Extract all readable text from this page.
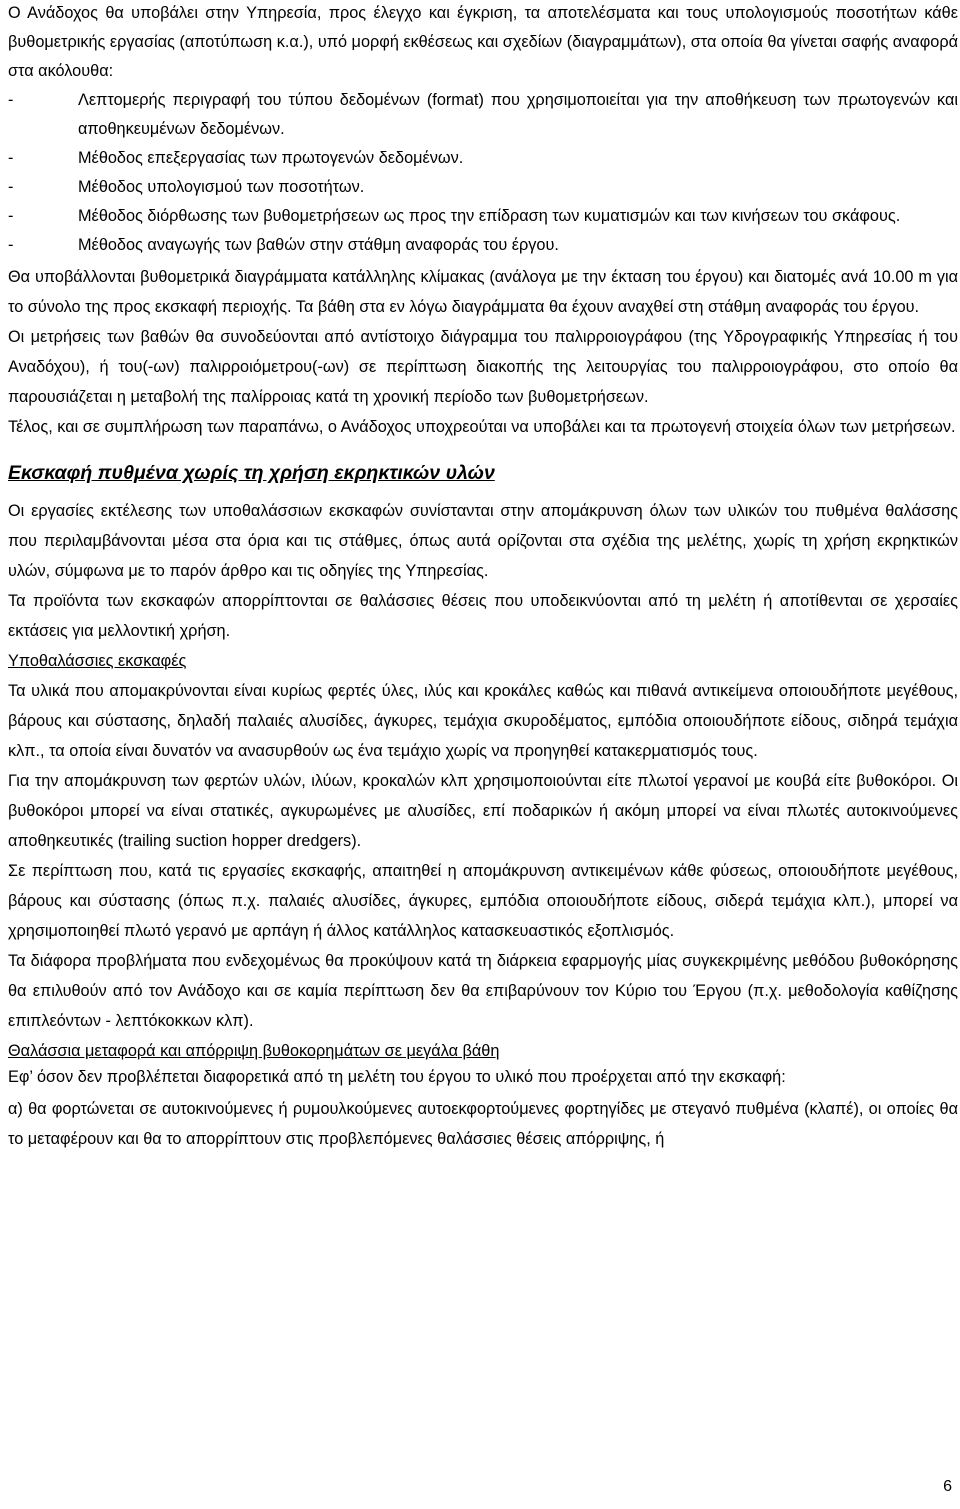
Ο Ανάδοχος θα υποβάλει στην Υπηρεσία, προς έλεγχο και έγκριση, τα αποτελέσματα και τους υπολογισμούς ποσοτήτων κάθε βυθομετρικής εργασίας (αποτύπωση κ.α.), υπό μορφή εκθέσεως και σχεδίων (διαγραμμάτων), στα οποία θα γίνεται σαφής αναφορά στα ακόλουθα:

-	Λεπτομερής περιγραφή του τύπου δεδομένων (format) που χρησιμοποιείται για την αποθήκευση των πρωτογενών και αποθηκευμένων δεδομένων.
-	Μέθοδος επεξεργασίας των πρωτογενών δεδομένων.
-	Μέθοδος υπολογισμού των ποσοτήτων.
-	Μέθοδος διόρθωσης των βυθομετρήσεων ως προς την επίδραση των κυματισμών και των κινήσεων του σκάφους.
-	Μέθοδος αναγωγής των βαθών στην στάθμη αναφοράς του έργου.

Θα υποβάλλονται βυθομετρικά διαγράμματα κατάλληλης κλίμακας (ανάλογα με την έκταση του έργου) και διατομές ανά 10.00 m για το σύνολο της προς εκσκαφή περιοχής. Τα βάθη στα εν λόγω διαγράμματα θα έχουν αναχθεί στη στάθμη αναφοράς του έργου.

Οι μετρήσεις των βαθών θα συνοδεύονται από αντίστοιχο διάγραμμα του παλιρροιογράφου (της Υδρογραφικής Υπηρεσίας ή του Αναδόχου), ή του(-ων) παλιρροιόμετρου(-ων) σε περίπτωση διακοπής της λειτουργίας του παλιρροιογράφου, στο οποίο θα παρουσιάζεται η μεταβολή της παλίρροιας κατά τη χρονική περίοδο των βυθομετρήσεων.

Τέλος, και σε συμπλήρωση των παραπάνω, ο Ανάδοχος υποχρεούται να υποβάλει και τα πρωτογενή στοιχεία όλων των μετρήσεων.

Εκσκαφή πυθμένα χωρίς τη χρήση εκρηκτικών υλών

Οι εργασίες εκτέλεσης των υποθαλάσσιων εκσκαφών συνίστανται στην απομάκρυνση όλων των υλικών του πυθμένα θαλάσσης που περιλαμβάνονται μέσα στα όρια και τις στάθμες, όπως αυτά ορίζονται στα σχέδια της μελέτης, χωρίς τη χρήση εκρηκτικών υλών, σύμφωνα με το παρόν άρθρο και τις οδηγίες της Υπηρεσίας.

Τα προϊόντα των εκσκαφών απορρίπτονται σε θαλάσσιες θέσεις που υποδεικνύονται από τη μελέτη ή αποτίθενται σε χερσαίες εκτάσεις για μελλοντική χρήση.

Υποθαλάσσιες εκσκαφές

Τα υλικά που απομακρύνονται είναι κυρίως φερτές ύλες, ιλύς και κροκάλες καθώς και πιθανά αντικείμενα οποιουδήποτε μεγέθους, βάρους και σύστασης, δηλαδή παλαιές αλυσίδες, άγκυρες, τεμάχια σκυροδέματος, εμπόδια οποιουδήποτε είδους, σιδηρά τεμάχια κλπ., τα οποία είναι δυνατόν να ανασυρθούν ως ένα τεμάχιο χωρίς να προηγηθεί κατακερματισμός τους.

Για την απομάκρυνση των φερτών υλών, ιλύων, κροκαλών κλπ χρησιμοποιούνται είτε πλωτοί γερανοί με κουβά είτε βυθοκόροι. Οι βυθοκόροι μπορεί να είναι στατικές, αγκυρωμένες με αλυσίδες, επί ποδαρικών ή ακόμη μπορεί να είναι πλωτές αυτοκινούμενες αποθηκευτικές (trailing suction hopper dredgers).

Σε περίπτωση που, κατά τις εργασίες εκσκαφής, απαιτηθεί η απομάκρυνση αντικειμένων κάθε φύσεως, οποιουδήποτε μεγέθους, βάρους και σύστασης (όπως π.χ. παλαιές αλυσίδες, άγκυρες, εμπόδια οποιουδήποτε είδους, σιδερά τεμάχια κλπ.), μπορεί να χρησιμοποιηθεί πλωτό γερανό με αρπάγη ή άλλος κατάλληλος κατασκευαστικός εξοπλισμός.

Τα διάφορα προβλήματα που ενδεχομένως θα προκύψουν κατά τη διάρκεια εφαρμογής μίας συγκεκριμένης μεθόδου βυθοκόρησης θα επιλυθούν από τον Ανάδοχο και σε καμία περίπτωση δεν θα επιβαρύνουν τον Κύριο του Έργου (π.χ. μεθοδολογία καθίζησης επιπλεόντων - λεπτόκοκκων κλπ).

Θαλάσσια μεταφορά και απόρριψη βυθοκορημάτων σε μεγάλα βάθη

Εφ’ όσον δεν προβλέπεται διαφορετικά από τη μελέτη του έργου το υλικό που προέρχεται από την εκσκαφή:

α) θα φορτώνεται σε αυτοκινούμενες ή ρυμουλκούμενες αυτοεκφορτούμενες φορτηγίδες με στεγανό πυθμένα (κλαπέ), οι οποίες θα το μεταφέρουν και θα το απορρίπτουν στις προβλεπόμενες θαλάσσιες θέσεις απόρριψης, ή

6
